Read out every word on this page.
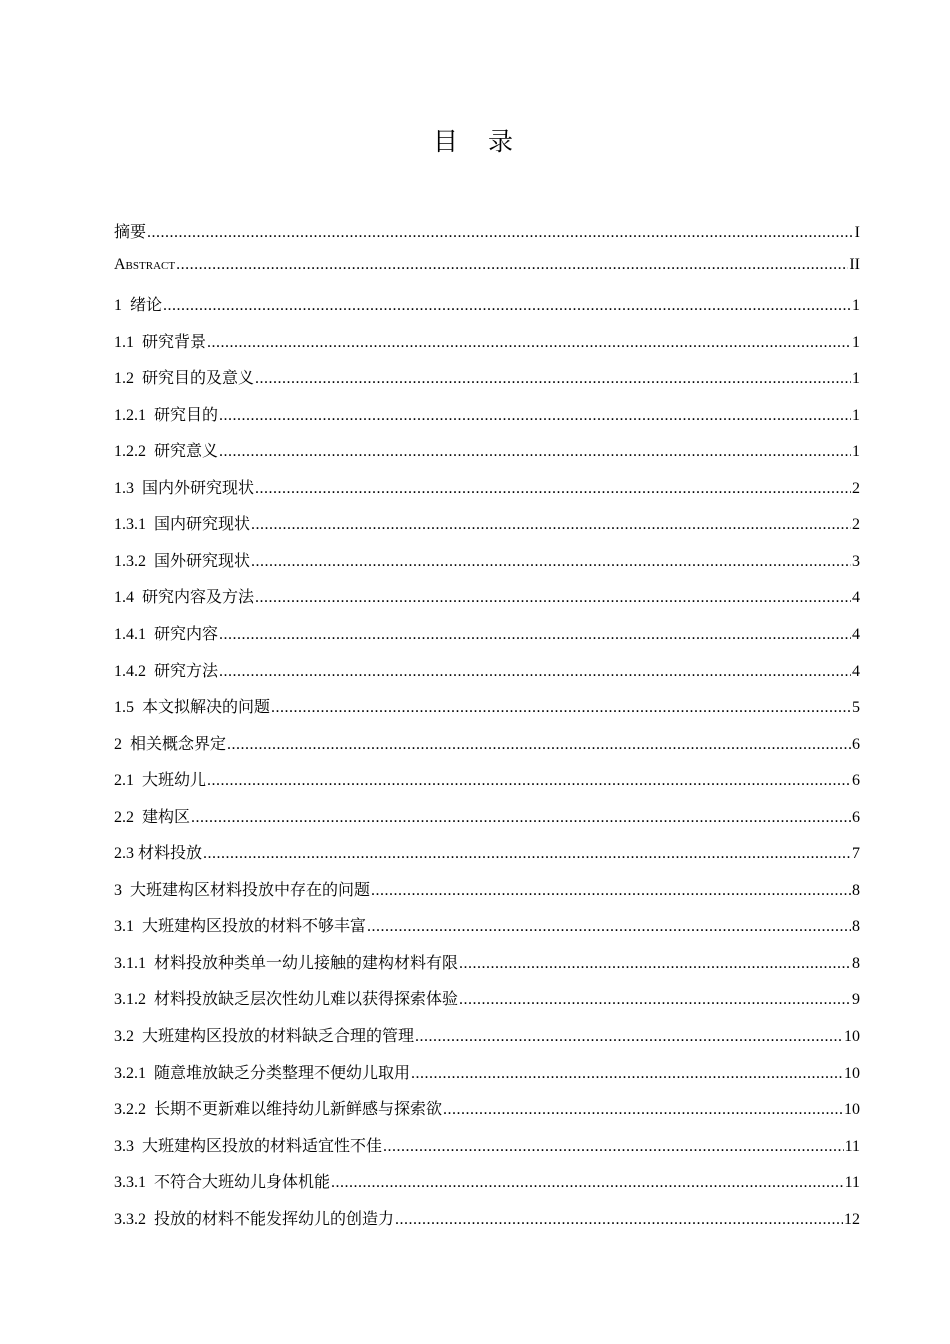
目录
摘要 .....	I
Abstract .....	II
1  绪论 .....	1
1.1  研究背景 .....	1
1.2  研究目的及意义 .....	1
1.2.1  研究目的 .....	1
1.2.2  研究意义 .....	1
1.3  国内外研究现状 .....	2
1.3.1  国内研究现状 .....	2
1.3.2  国外研究现状 .....	3
1.4  研究内容及方法 .....	4
1.4.1  研究内容 .....	4
1.4.2  研究方法 .....	4
1.5  本文拟解决的问题 .....	5
2  相关概念界定 .....	6
2.1  大班幼儿 .....	6
2.2  建构区 .....	6
2.3 材料投放 .....	7
3  大班建构区材料投放中存在的问题 .....	8
3.1  大班建构区投放的材料不够丰富 .....	8
3.1.1  材料投放种类单一幼儿接触的建构材料有限 .....	8
3.1.2  材料投放缺乏层次性幼儿难以获得探索体验 .....	9
3.2  大班建构区投放的材料缺乏合理的管理 .....	10
3.2.1  随意堆放缺乏分类整理不便幼儿取用 .....	10
3.2.2  长期不更新难以维持幼儿新鲜感与探索欲 .....	10
3.3  大班建构区投放的材料适宜性不佳 .....	11
3.3.1  不符合大班幼儿身体机能 .....	11
3.3.2  投放的材料不能发挥幼儿的创造力 .....	12
